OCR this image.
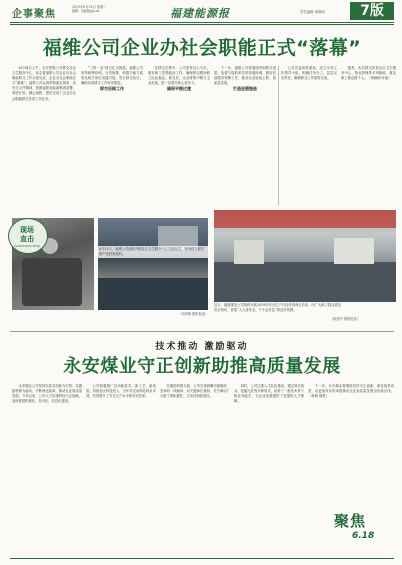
企事聚焦
2019年6月18日 星期二
编辑：lj@fjtyjs.cn	福建能源报	责任编辑 徐晓明	7版
福维公司企业办社会职能正式“落幕”

6月14日上午，永安智胜公司移交社区卫生服务中心，标志着福维公司企业办社会职能移交工作全部完成，企业办社会职能正式“落幕”。福维公司认真贯彻落实国家、省有关文件精神，按照福建省能源集团部署，周密计划、精心组织，按时完成了企业办社会职能移交各项工作任务。

“三供一业”移交扎实推进。福维公司坚持统筹协调，分类施策，积极与地方政府及相关单位沟通对接，签订移交协议，确保各项移交工作有序推进。

移交后续工作

在移交过程中，公司坚持以人为本，做好职工思想政治工作，确保移交期间职工队伍稳定。移交后，企业将集中精力主业发展，进一步提升核心竞争力。

确保平稳过渡

下一步，福维公司将继续巩固移交成果，加强与接收单位的沟通协调，做好后续服务保障工作，推动企业轻装上阵、高质量发展。

打造坚强堡垒

公司党委高度重视，成立专项工作领导小组，明确任务分工，层层压实责任，确保移交工作按时完成。

据悉，本次移交涉及社区卫生服务中心、物业管理等多项职能，惠及职工群众数千人。（徐晓明 叶丽）

现场
直击
XIANCHANG ZHIJI
6月15日，福维公司组织开展社区卫生服务中心交接仪式，现场移交相关资产及档案资料。
（吴明峰 摄影报道）
近日，福建煤电公司组织开展2019年安全生产月宣传咨询日活动，向广大职工群众普及安全知识，营造“人人讲安全、个个会应急”的良好氛围。
（陈建华 摄影报道）
技术推动 激励驱动
永安煤业守正创新助推高质量发展

永安煤业公司坚持以技术创新为引领，以激励机制为驱动，不断深化改革，推动企业高质量发展。今年以来，公司大力实施科技兴企战略，加快推进机械化、自动化、信息化建设。

公司积极推广应用新技术、新工艺、新装备，持续加大科技投入，全年共完成科技项目多项，有效提升了安全生产水平和劳动效率。

在激励机制方面，公司完善薪酬分配制度，坚持向一线倾斜、向关键岗位倾斜，充分调动广大职工的积极性、主动性和创造性。

同时，公司注重人才队伍建设，通过岗位练兵、技能比武等多种形式，培养了一批技术骨干和业务能手，为企业发展提供了坚强的人才保障。

下一步，永安煤业将继续坚持守正创新，深化改革攻坚，以更加务实的举措推动企业高质量发展迈出新步伐。（林海 陈思）

聚焦
6.18
